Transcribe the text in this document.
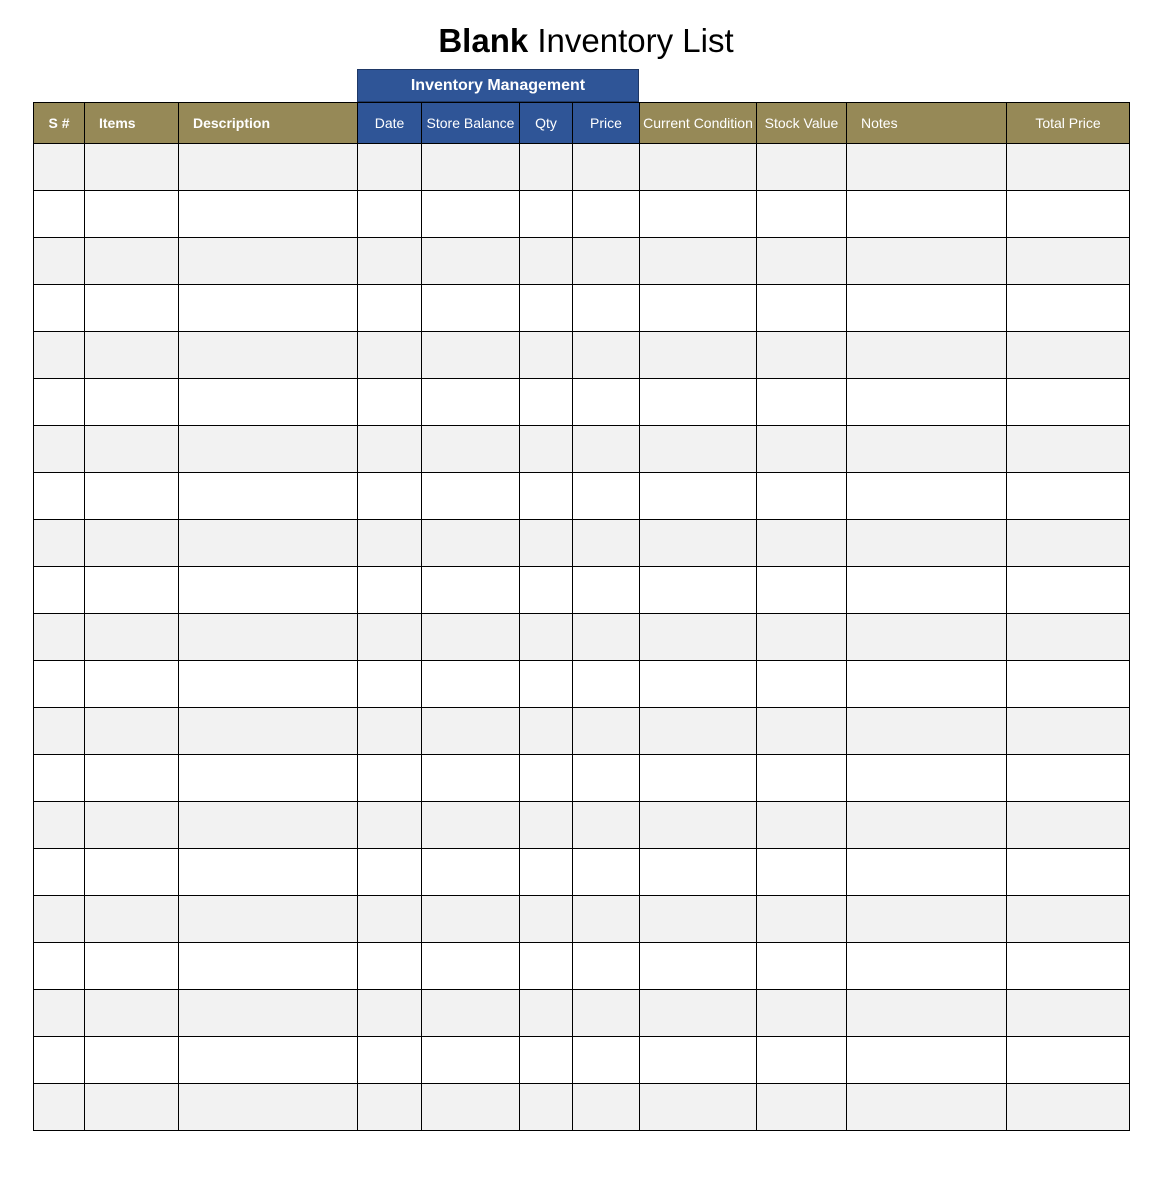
Blank Inventory List
Inventory Management
S #	Items	Description	Date	Store Balance	Qty	Price	Current Condition	Stock Value	Notes	Total Price
